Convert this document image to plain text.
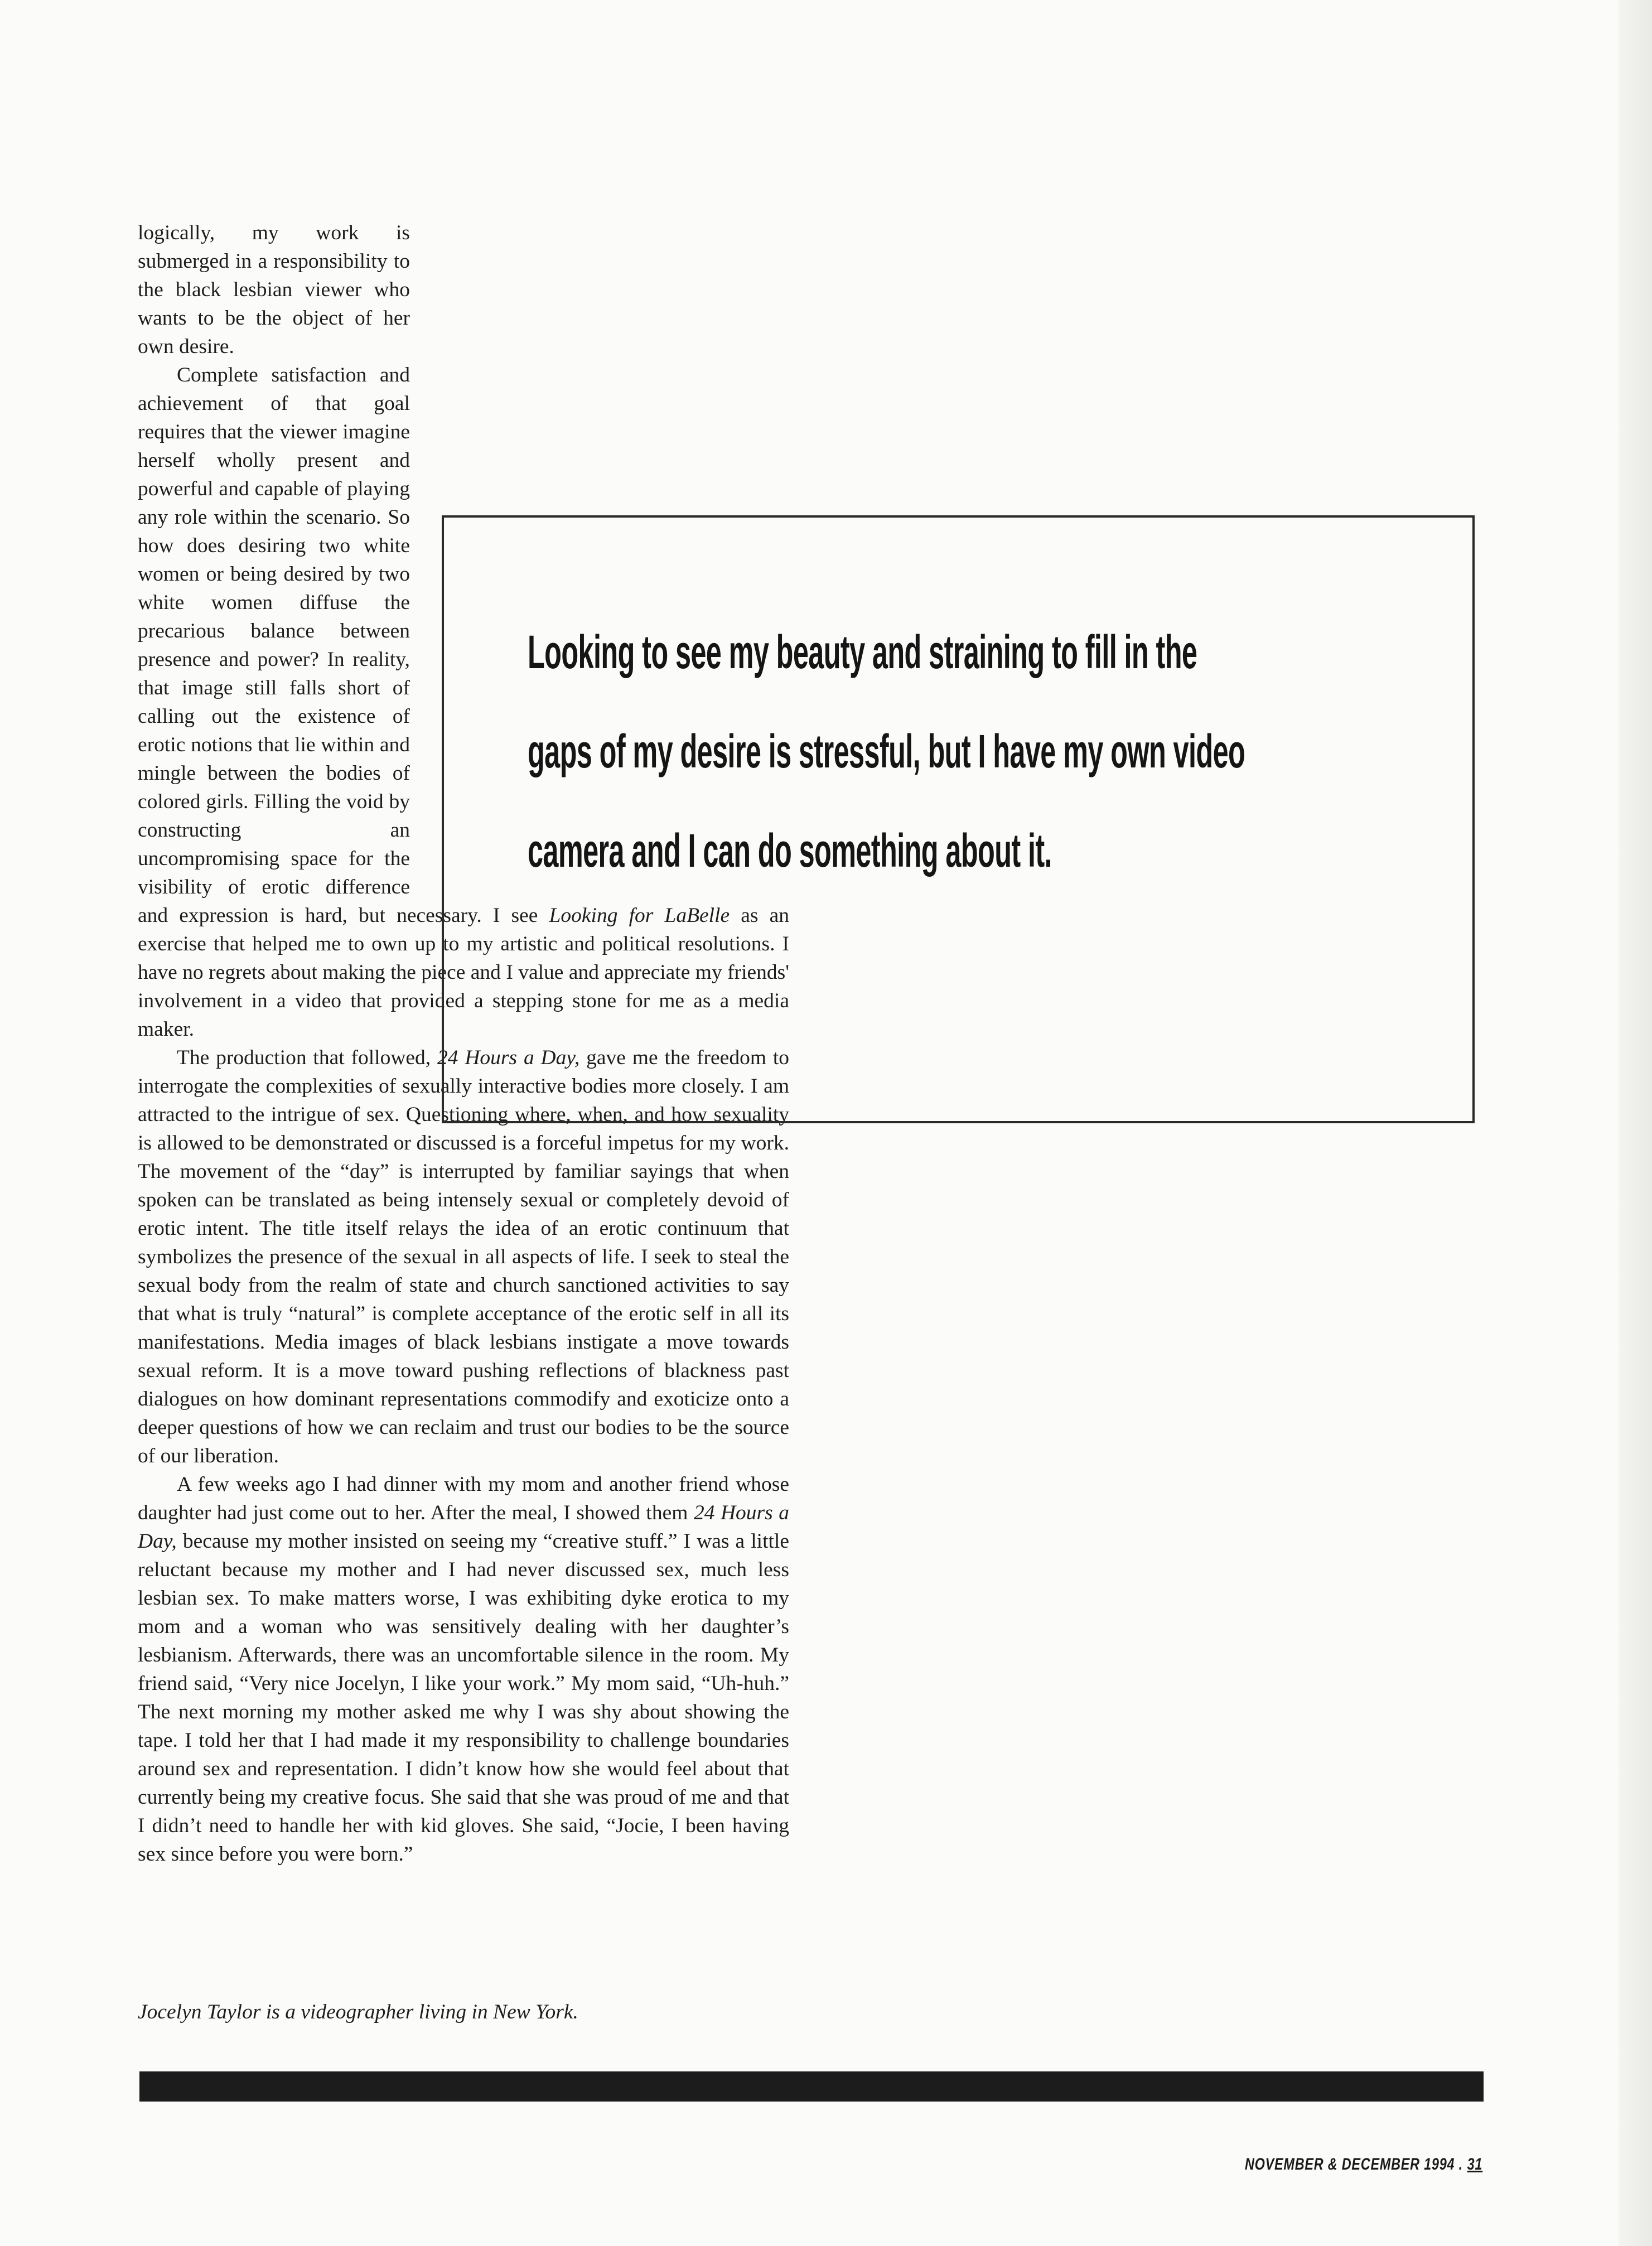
logically, my work is submerged in a responsibility to the black lesbian viewer who wants to be the object of her own desire.

Complete satisfaction and achievement of that goal requires that the viewer imagine herself wholly present and powerful and capable of playing any role within the scenario. So how does desiring two white women or being desired by two white women diffuse the precarious balance between presence and power? In reality, that image still falls short of calling out the existence of erotic notions that lie within and mingle between the bodies of colored girls. Filling the void by constructing an uncompromising space for the visibility of erotic difference and expression is hard, but necessary. I see Looking for LaBelle as an exercise that helped me to own up to my artistic and political resolutions. I have no regrets about making the piece and I value and appreciate my friends' involvement in a video that provided a stepping stone for me as a media maker.

The production that followed, 24 Hours a Day, gave me the freedom to interrogate the complexities of sexually interactive bodies more closely. I am attracted to the intrigue of sex. Questioning where, when, and how sexuality is allowed to be demonstrated or discussed is a forceful impetus for my work. The movement of the “day” is interrupted by familiar sayings that when spoken can be translated as being intensely sexual or completely devoid of erotic intent. The title itself relays the idea of an erotic continuum that symbolizes the presence of the sexual in all aspects of life. I seek to steal the sexual body from the realm of state and church sanctioned activities to say that what is truly “natural” is complete acceptance of the erotic self in all its manifestations. Media images of black lesbians instigate a move towards sexual reform. It is a move toward pushing reflections of blackness past dialogues on how dominant representations commodify and exoticize onto a deeper questions of how we can reclaim and trust our bodies to be the source of our liberation.

A few weeks ago I had dinner with my mom and another friend whose daughter had just come out to her. After the meal, I showed them 24 Hours a Day, because my mother insisted on seeing my “creative stuff.” I was a little reluctant because my mother and I had never discussed sex, much less lesbian sex. To make matters worse, I was exhibiting dyke erotica to my mom and a woman who was sensitively dealing with her daughter’s lesbianism. Afterwards, there was an uncomfortable silence in the room. My friend said, “Very nice Jocelyn, I like your work.” My mom said, “Uh-huh.” The next morning my mother asked me why I was shy about showing the tape. I told her that I had made it my responsibility to challenge boundaries around sex and representation. I didn’t know how she would feel about that currently being my creative focus. She said that she was proud of me and that I didn’t need to handle her with kid gloves. She said, “Jocie, I been having sex since before you were born.”

Looking to see my beauty and straining to fill in the
gaps of my desire is stressful, but I have my own video
camera and I can do something about it.
Jocelyn Taylor is a videographer living in New York.
NOVEMBER & DECEMBER 1994 . 31
